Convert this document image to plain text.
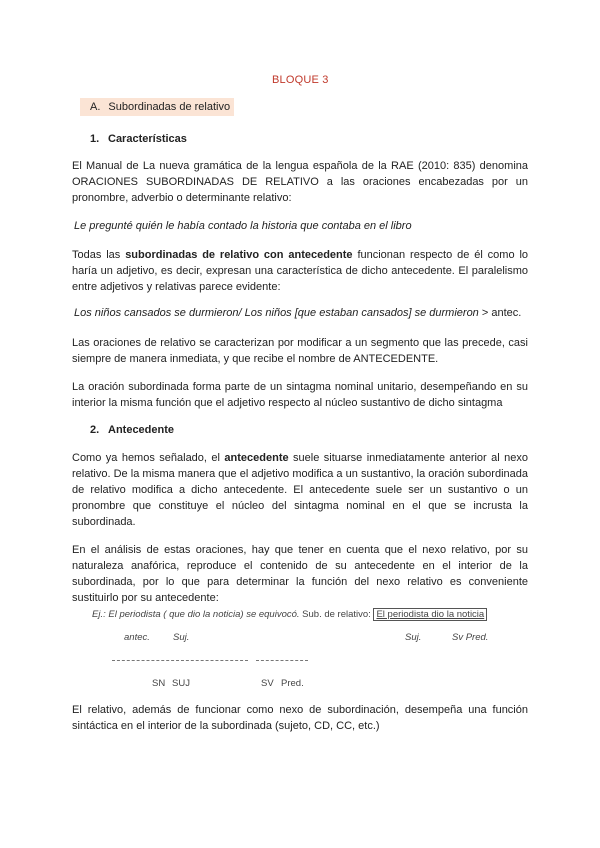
BLOQUE 3
A. Subordinadas de relativo
1. Características
El Manual de La nueva gramática de la lengua española de la RAE (2010: 835) denomina ORACIONES SUBORDINADAS DE RELATIVO a las oraciones encabezadas por un pronombre, adverbio o determinante relativo:
Le pregunté quién le había contado la historia que contaba en el libro
Todas las subordinadas de relativo con antecedente funcionan respecto de él como lo haría un adjetivo, es decir, expresan una característica de dicho antecedente. El paralelismo entre adjetivos y relativas parece evidente:
Los niños cansados se durmieron/ Los niños [que estaban cansados] se durmieron > antec.
Las oraciones de relativo se caracterizan por modificar a un segmento que las precede, casi siempre de manera inmediata, y que recibe el nombre de ANTECEDENTE.
La oración subordinada forma parte de un sintagma nominal unitario, desempeñando en su interior la misma función que el adjetivo respecto al núcleo sustantivo de dicho sintagma
2. Antecedente
Como ya hemos señalado, el antecedente suele situarse inmediatamente anterior al nexo relativo. De la misma manera que el adjetivo modifica a un sustantivo, la oración subordinada de relativo modifica a dicho antecedente. El antecedente suele ser un sustantivo o un pronombre que constituye el núcleo del sintagma nominal en el que se incrusta la subordinada.
En el análisis de estas oraciones, hay que tener en cuenta que el nexo relativo, por su naturaleza anafórica, reproduce el contenido de su antecedente en el interior de la subordinada, por lo que para determinar la función del nexo relativo es conveniente sustituirlo por su antecedente:
Ej.: El periodista ( que dio la noticia) se equivocó. Sub. de relativo: El periodista dio la noticia
antec. Suj.	Suj.	Sv Pred.
SN SUJ	SV Pred.
El relativo, además de funcionar como nexo de subordinación, desempeña una función sintáctica en el interior de la subordinada (sujeto, CD, CC, etc.)
